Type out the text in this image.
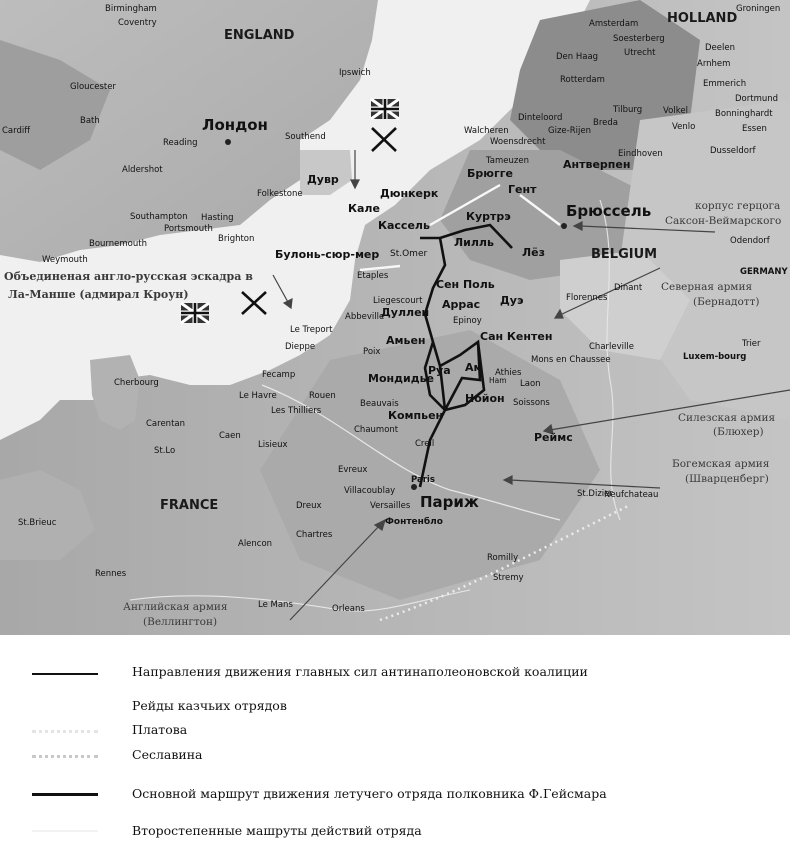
ENGLAND
HOLLAND
BELGIUM
GERMANY
FRANCE
Лондон
Брюссель
Париж
Дувр
Кале
Дюнкерк
Брюгге
Гент
Антверпен
Куртрэ
Кассель
Лилль
Лёз
Булонь-сюр-мер St.Omer
Сен Поль
Аррас Дуэ
Дуллен
Амьен	Сан Кентен
Ам
Руа
Мондидье
Нойон
Компьен
Реймс
Фонтенбло
Birmingham
Coventry
Gloucester
Bath
Reading
Weymouth
Cardiff
Aldershot
Southampton
Portsmouth
Bournemouth
Hasting
Brighton
Folkestone
Southend
Ipswich
Tameuzen
Woensdrecht
Dinteloord
Gize-Rijen
Breda
Tilburg Volkel
Venlo
Eindhoven	Dusseldorf
Bonninghardt
Essen
Dortmund
Emmerich
Arnhem
Deelen
Soesterberg
Utrecht
Den Haag
Rotterdam
Amsterdam
Groningen
Odendorf
Dinant
Florennes
Charleville
Mons en Chaussee
Athies
Laon
Soissons
Trier
Luxem-bourg
Etaples
Liegescourt
Abbeville	Epinoy
Le Treport
Dieppe	Poix
Fecamp
Le Havre	Rouen
Les Thilliers
Beauvais
Chaumont
Creil
Cherbourg
Carentan
Caen
St.Lo
Lisieux
Evreux
Villacoublay
Versailles
Dreux
Chartres
Alencon
St.Brieuc
Rennes
Le Mans	Orleans
Romilly
Stremy
St.Dizier
Neufchateau
Ham
Paris
Walcheren
Объединеная англо-русская эскадра в
Ла-Манше (адмирал Кроун)
корпус герцога
Саксон-Веймарского
Северная армия
(Бернадотт)
Силезская армия
(Блюхер)
Богемская армия
(Шварценберг)
Английская армия
(Веллингтон)
Направления движения главных сил антинаполеоновской коалиции
Рейды казчьих отрядов
Платова
Сеславина
Основной маршрут движения летучего отряда полковника Ф.Гейсмара
Второстепенные машруты действий отряда
